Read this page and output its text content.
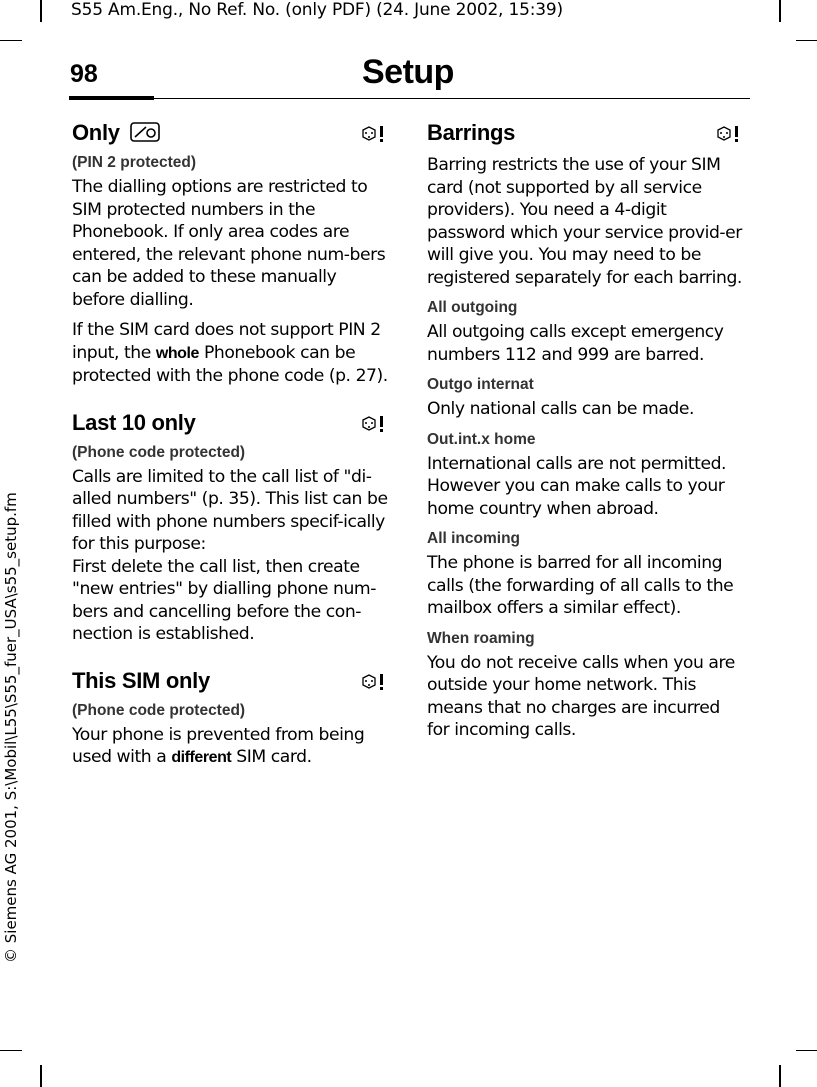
S55 Am.Eng., No Ref. No. (only PDF) (24. June 2002, 15:39)
98	Setup
© Siemens AG 2001, S:\Mobil\L55\S55_fuer_USA\s55_setup.fm
Only
(PIN 2 protected)

The dialling options are restricted to SIM protected numbers in the Phonebook. If only area codes are entered, the relevant phone num-bers can be added to these manually before dialling.

If the SIM card does not support PIN 2 input, the whole Phonebook can be protected with the phone code (p. 27).

Last 10 only
(Phone code protected)

Calls are limited to the call list of "di-alled numbers" (p. 35). This list can be filled with phone numbers specif-ically for this purpose:

First delete the call list, then create "new entries" by dialling phone num-bers and cancelling before the con-nection is established.

This SIM only
(Phone code protected)

Your phone is prevented from being used with a different SIM card.

Barrings

Barring restricts the use of your SIM card (not supported by all service providers). You need a 4-digit password which your service provid-er will give you. You may need to be registered separately for each barring.

All outgoing

All outgoing calls except emergency numbers 112 and 999 are barred.

Outgo internat

Only national calls can be made.

Out.int.x home

International calls are not permitted. However you can make calls to your home country when abroad.

All incoming

The phone is barred for all incoming calls (the forwarding of all calls to the mailbox offers a similar effect).

When roaming

You do not receive calls when you are outside your home network. This means that no charges are incurred for incoming calls.
